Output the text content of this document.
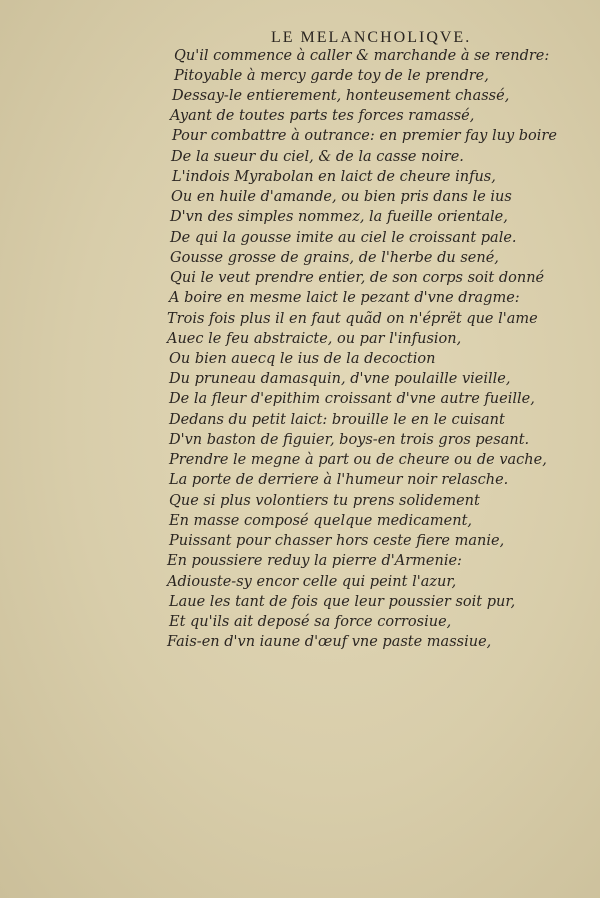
LE MELANCHOLIQVE.
Qu'il commence à caller & marchande à se rendre:
Pitoyable à mercy garde toy de le prendre,
Dessay-le entierement, honteusement chassé,
Ayant de toutes parts tes forces ramassé,
Pour combattre à outrance: en premier fay luy boire
De la sueur du ciel, & de la casse noire.
L'indois Myrabolan en laict de cheure infus,
Ou en huile d'amande, ou bien pris dans le ius
D'vn des simples nommez, la fueille orientale,
De qui la gousse imite au ciel le croissant pale.
Gousse grosse de grains, de l'herbe du sené,
Qui le veut prendre entier, de son corps soit donné
A boire en mesme laict le pezant d'vne dragme:
Trois fois plus il en faut quãd on n'éprët que l'ame
Auec le feu abstraicte, ou par l'infusion,
Ou bien auecq le ius de la decoction
Du pruneau damasquin, d'vne poulaille vieille,
De la fleur d'epithim croissant d'vne autre fueille,
Dedans du petit laict: brouille le en le cuisant
D'vn baston de figuier, boys-en trois gros pesant.
Prendre le megne à part ou de cheure ou de vache,
La porte de derriere à l'humeur noir relasche.
Que si plus volontiers tu prens solidement
En masse composé quelque medicament,
Puissant pour chasser hors ceste fiere manie,
En poussiere reduy la pierre d'Armenie:
Adiouste-sy encor celle qui peint l'azur,
Laue les tant de fois que leur poussier soit pur,
Et qu'ils ait deposé sa force corrosiue,
Fais-en d'vn iaune d'œuf vne paste massiue,
